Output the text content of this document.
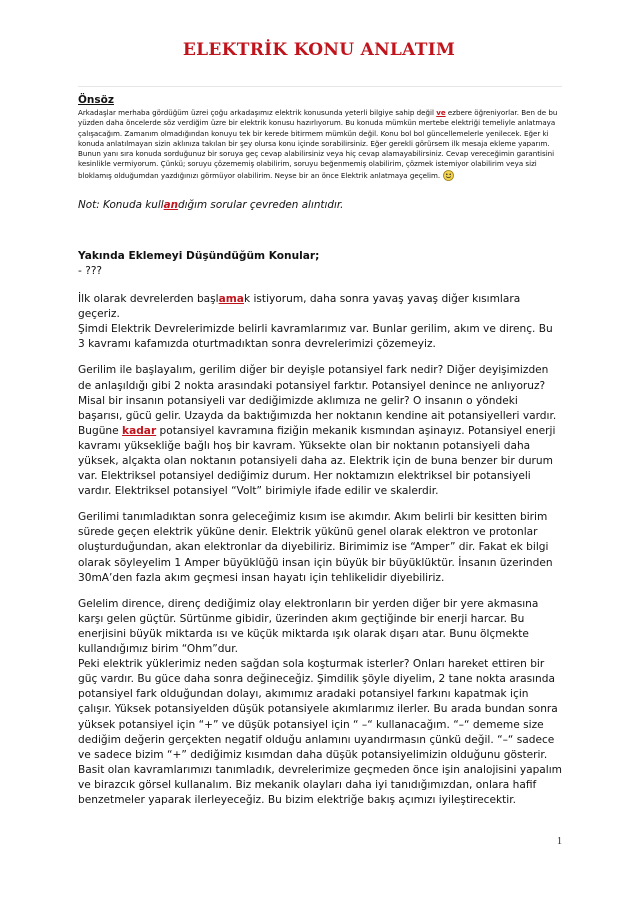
ELEKTRİK KONU ANLATIM

Önsöz

Arkadaşlar merhaba gördüğüm üzrei çoğu arkadaşımız elektrik konusunda yeterli bilgiye sahip değil ve ezbere öğreniyorlar. Ben de bu yüzden daha öncelerde söz verdiğim üzre bir elektrik konusu hazırlıyorum. Bu konuda mümkün mertebe elektriği temeliyle anlatmaya çalışacağım. Zamanım olmadığından konuyu tek bir kerede bitirmem mümkün değil. Konu bol bol güncellemelerle yenilecek. Eğer ki konuda anlatılmayan sizin aklınıza takılan bir şey olursa konu içinde sorabilirsiniz. Eğer gerekli görürsem ilk mesaja ekleme yaparım. Bunun yanı sıra konuda sorduğunuz bir soruya geç cevap alabilirsiniz veya hiç cevap alamayabilirsiniz. Cevap vereceğimin garantisini kesinlikle vermiyorum. Çünkü; soruyu çözememiş olabilirim, soruyu beğenmemiş olabilirim, çözmek istemiyor olabilirim veya sizi bloklamış olduğumdan yazdığınızı görmüyor olabilirim. Neyse bir an önce Elektrik anlatmaya geçelim.

Not: Konuda kullandığım sorular çevreden alıntıdır.

Yakında Eklemeyi Düşündüğüm Konular;

- ???

İlk olarak devrelerden başlamak istiyorum, daha sonra yavaş yavaş diğer kısımlara geçeriz.

Şimdi Elektrik Devrelerimizde belirli kavramlarımız var. Bunlar gerilim, akım ve direnç. Bu 3 kavramı kafamızda oturtmadıktan sonra devrelerimizi çözemeyiz.

Gerilim ile başlayalım, gerilim diğer bir deyişle potansiyel fark nedir? Diğer deyişimizden de anlaşıldığı gibi 2 nokta arasındaki potansiyel farktır. Potansiyel denince ne anlıyoruz? Misal bir insanın potansiyeli var dediğimizde aklımıza ne gelir? O insanın o yöndeki başarısı, gücü gelir. Uzayda da baktığımızda her noktanın kendine ait potansiyelleri vardır. Bugüne kadar potansiyel kavramına fiziğin mekanik kısmından aşinayız. Potansiyel enerji kavramı yüksekliğe bağlı hoş bir kavram. Yüksekte olan bir noktanın potansiyeli daha yüksek, alçakta olan noktanın potansiyeli daha az. Elektrik için de buna benzer bir durum var. Elektriksel potansiyel dediğimiz durum. Her noktamızın elektriksel bir potansiyeli vardır. Elektriksel potansiyel “Volt” birimiyle ifade edilir ve skalerdir.

Gerilimi tanımladıktan sonra geleceğimiz kısım ise akımdır. Akım belirli bir kesitten birim sürede geçen elektrik yüküne denir. Elektrik yükünü genel olarak elektron ve protonlar oluşturduğundan, akan elektronlar da diyebiliriz. Birimimiz ise “Amper” dir. Fakat ek bilgi olarak söyleyelim 1 Amper büyüklüğü insan için büyük bir büyüklüktür. İnsanın üzerinden 30mA’den fazla akım geçmesi insan hayatı için tehlikelidir diyebiliriz.

Gelelim dirence, direnç dediğimiz olay elektronların bir yerden diğer bir yere akmasına karşı gelen güçtür. Sürtünme gibidir, üzerinden akım geçtiğinde bir enerji harcar. Bu enerjisini büyük miktarda ısı ve küçük miktarda ışık olarak dışarı atar. Bunu ölçmekte kullandığımız birim “Ohm”dur.

Peki elektrik yüklerimiz neden sağdan sola koşturmak isterler? Onları hareket ettiren bir güç vardır. Bu güce daha sonra değineceğiz. Şimdilik şöyle diyelim, 2 tane nokta arasında potansiyel fark olduğundan dolayı, akımımız aradaki potansiyel farkını kapatmak için çalışır. Yüksek potansiyelden düşük potansiyele akımlarımız ilerler. Bu arada bundan sonra yüksek potansiyel için “+” ve düşük potansiyel için “ –“ kullanacağım. “–“ dememe size dediğim değerin gerçekten negatif olduğu anlamını uyandırmasın çünkü değil. “–“ sadece ve sadece bizim “+” dediğimiz kısımdan daha düşük potansiyelimizin olduğunu gösterir.

Basit olan kavramlarımızı tanımladık, devrelerimize geçmeden önce işin analojisini yapalım ve birazcık görsel kullanalım. Biz mekanik olayları daha iyi tanıdığımızdan, onlara hafif benzetmeler yaparak ilerleyeceğiz. Bu bizim elektriğe bakış açımızı iyileştirecektir.

1
